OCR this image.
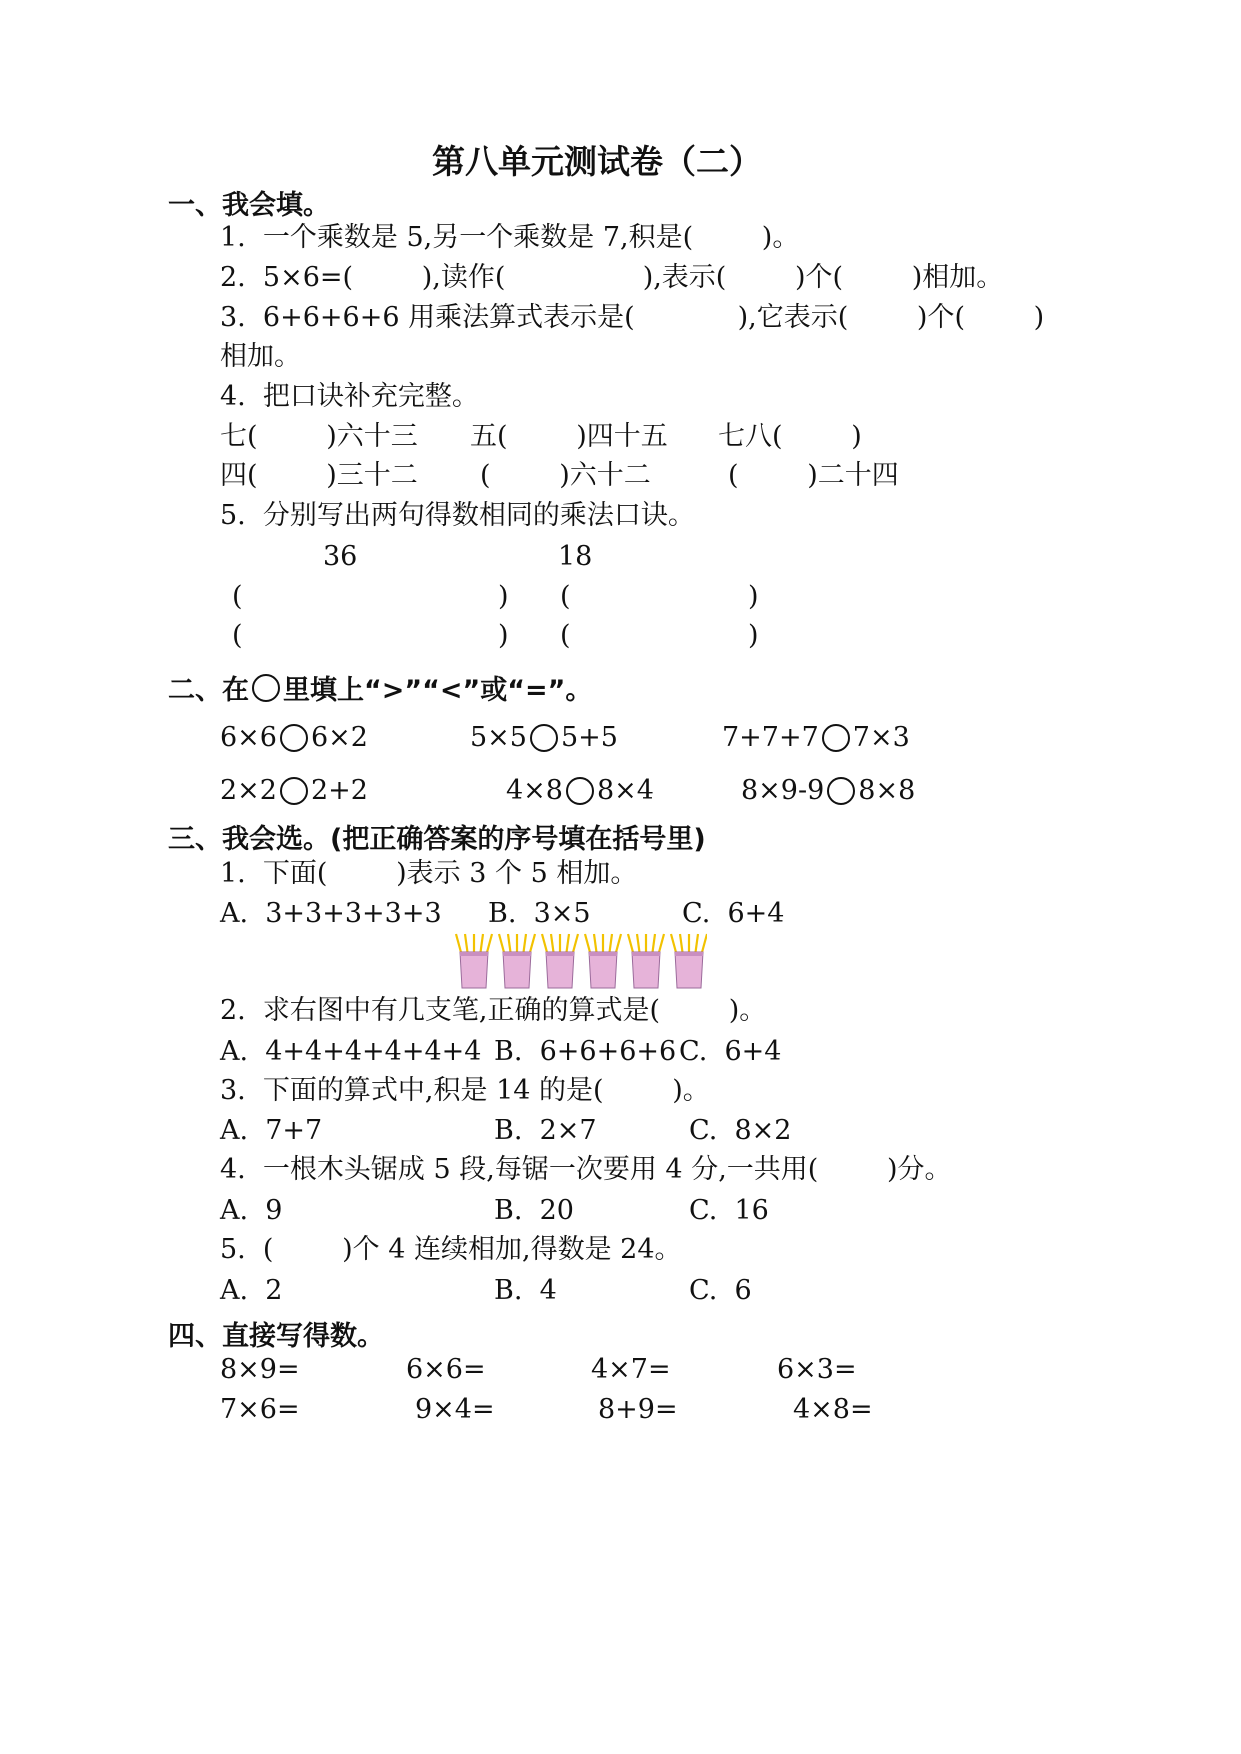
第八单元测试卷（二）
一、我会填。
1.  一个乘数是 5,另一个乘数是 7,积是(        )。
2.  5×6=(        ),读作(                ),表示(        )个(        )相加。
3.  6+6+6+6 用乘法算式表示是(            ),它表示(        )个(        )
相加。
4.  把口诀补充完整。
七(        )六十三 五(        )四十五 七八(        )
四(        )三十二 (        )六十二	(        )二十四
5.  分别写出两句得数相同的乘法口诀。
36	18
(	) (	)
(	) (	)
二、在 里填上“>”“<”或“=”。
6×6 6×2	5×5 5+5	7+7+7 7×3
2×2 2+2	4×8 8×4	8×9-9 8×8
三、我会选。(把正确答案的序号填在括号里)
1.  下面(        )表示 3 个 5 相加。
A.  3+3+3+3+3 B.  3×5	C.  6+4
2.  求右图中有几支笔,正确的算式是(        )。
A.  4+4+4+4+4+4 B.  6+6+6+6 C.  6+4
3.  下面的算式中,积是 14 的是(        )。
A.  7+7	B.  2×7	C.  8×2
4.  一根木头锯成 5 段,每锯一次要用 4 分,一共用(        )分。
A.  9	B.  20	C.  16
5.  (        )个 4 连续相加,得数是 24。
A.  2	B.  4	C.  6
四、直接写得数。
8×9=	6×6=	4×7=	6×3=
7×6=	9×4=	8+9=	4×8=
